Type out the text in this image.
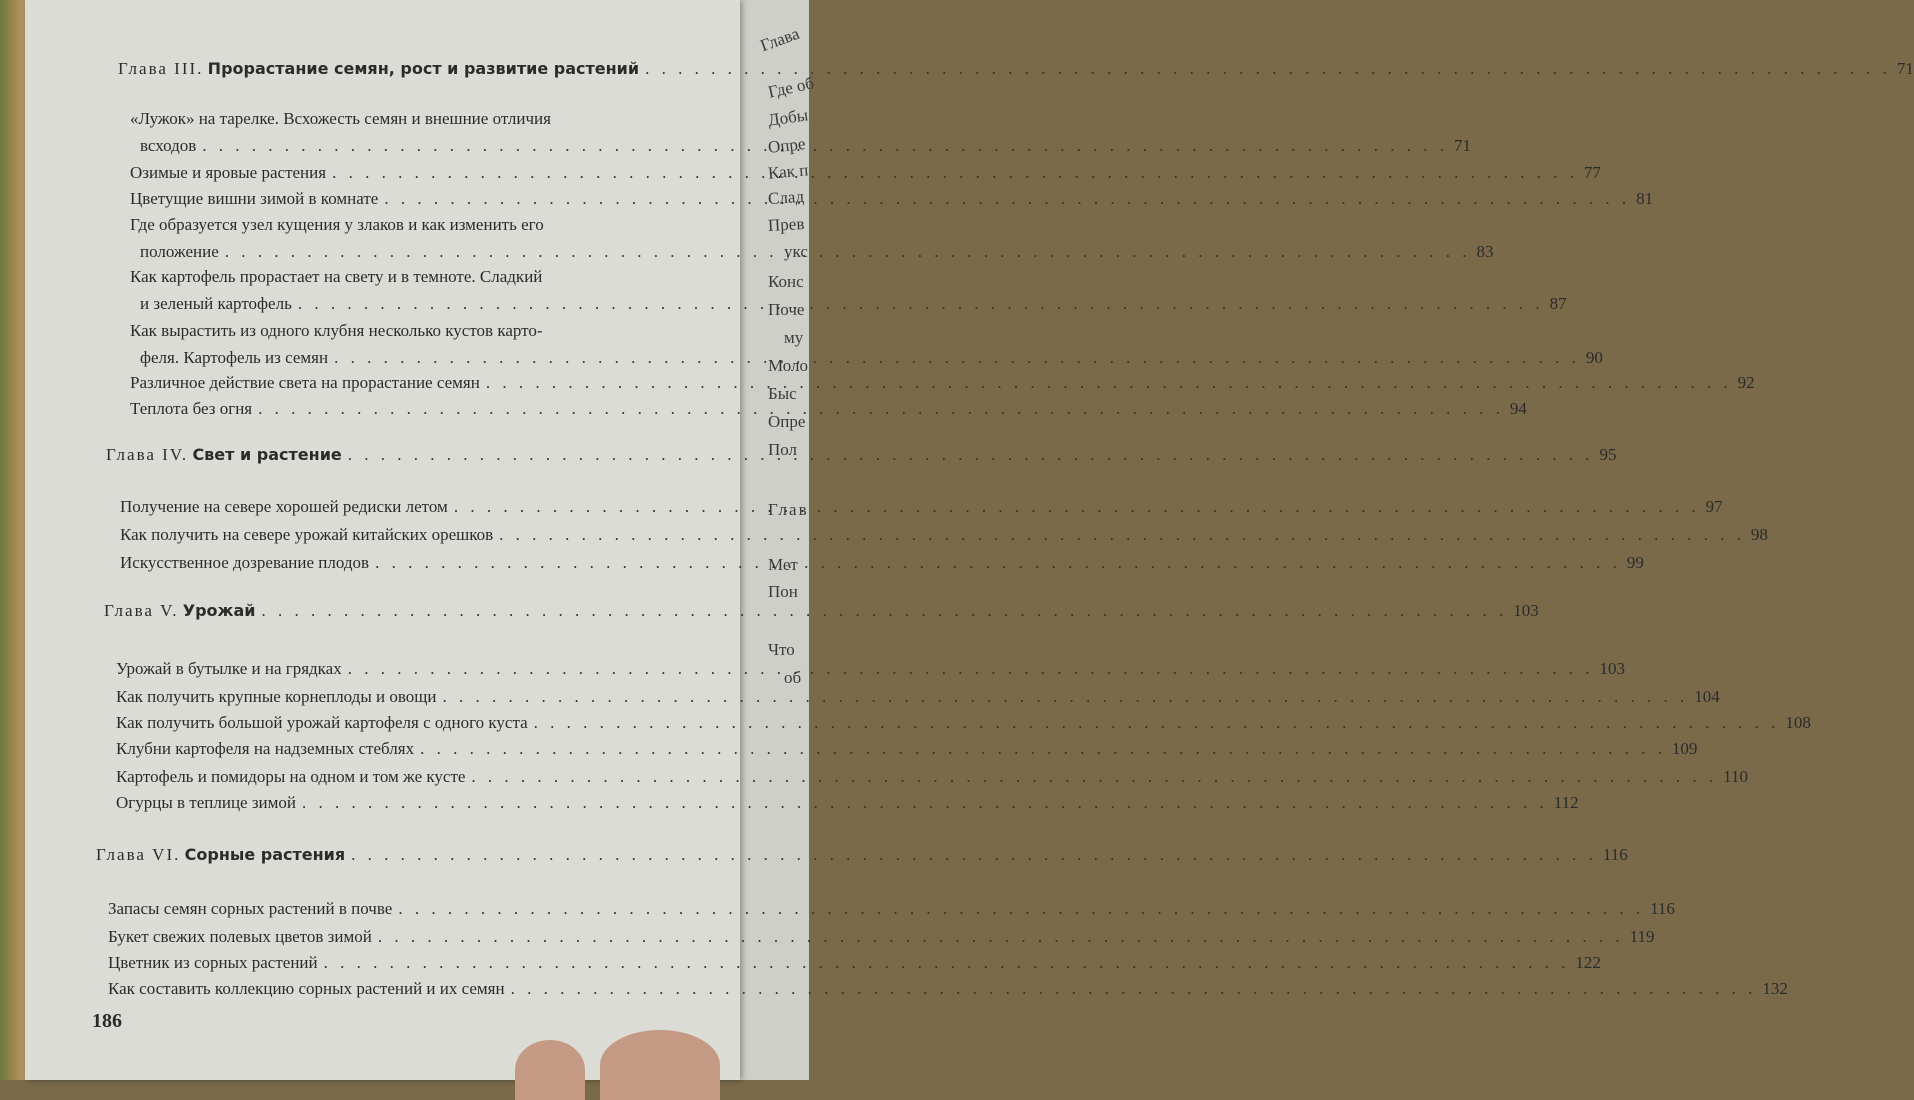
Глава
Где об
Добы
Опре
Как п
Слад
Прев
укс
Конс
Поче
му
Моло
Быс
Опре
Пол
Глав
Мет
Пон
Что
об
Глава III.
Прорастание семян, рост и развитие растений . . .	71
«Лужок» на тарелке. Всхожесть семян и внешние отличия
всходов . . .	71
Озимые и яровые растения . . .	77
Цветущие вишни зимой в комнате . . .	81
Где образуется узел кущения у злаков и как изменить его
положение . . .	83
Как картофель прорастает на свету и в темноте. Сладкий
и зеленый картофель . . .	87
Как вырастить из одного клубня несколько кустов карто-
феля. Картофель из семян . . .	90
Различное действие света на прорастание семян . . .	92
Теплота без огня . . .	94
Глава IV.
Свет и растение . . .	95
Получение на севере хорошей редиски летом . . .	97
Как получить на севере урожай китайских орешков . . .	98
Искусственное дозревание плодов . . .	99
Глава V.
Урожай . . .	103
Урожай в бутылке и на грядках . . .	103
Как получить крупные корнеплоды и овощи . . .	104
Как получить большой урожай картофеля с одного куста . . .	108
Клубни картофеля на надземных стеблях . . .	109
Картофель и помидоры на одном и том же кусте . . .	110
Огурцы в теплице зимой . . .	112
Глава VI.
Сорные растения . . .	116
Запасы семян сорных растений в почве . . .	116
Букет свежих полевых цветов зимой . . .	119
Цветник из сорных растений . . .	122
Как составить коллекцию сорных растений и их семян . . .	132
186
